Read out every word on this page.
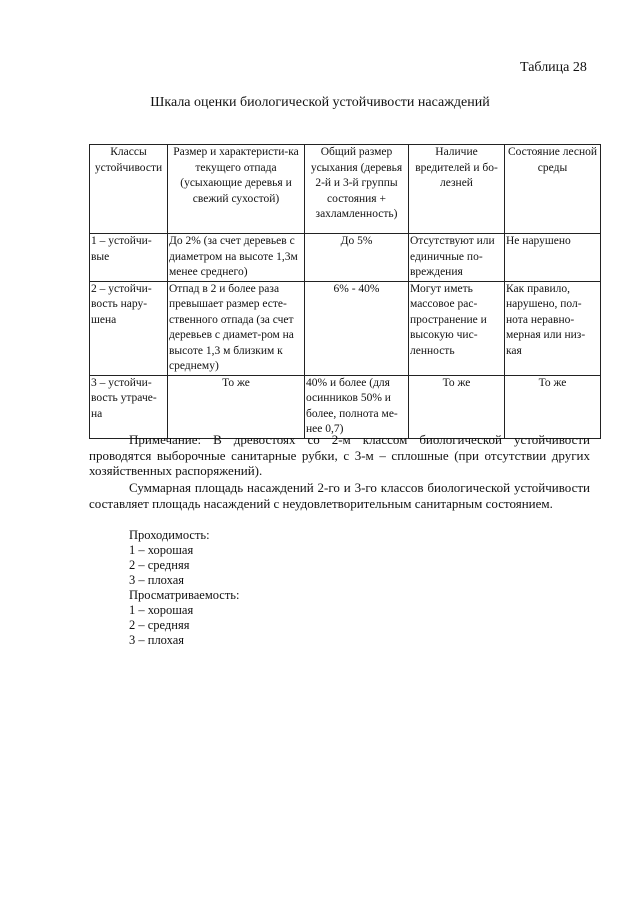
Таблица 28
Шкала оценки биологической устойчивости насаждений
Классы устойчивости	Размер и характеристи-ка текущего отпада (усыхающие деревья и свежий сухостой)	Общий размер усыхания (деревья 2-й и 3-й группы состояния + захламленность)	Наличие вредителей и бо-лезней	Состояние лесной среды
1 – устойчи-вые	До 2% (за счет деревьев с диаметром на высоте 1,3м менее среднего)	До 5%	Отсутствуют или единичные по-вреждения	Не нарушено
2 – устойчи-вость нару-шена	Отпад в 2 и более раза превышает размер есте-ственного отпада (за счет деревьев с диамет-ром на высоте 1,3 м близким к среднему)	6% - 40%	Могут иметь массовое рас-пространение и высокую чис-ленность	Как правило, нарушено, пол-нота неравно-мерная или низ-кая
3 – устойчи-вость утраче-на	То же	40% и более (для осинников 50% и более, полнота ме-нее 0,7)	То же	То же

Примечание: В древостоях со 2-м классом биологической устойчивости проводятся выборочные санитарные рубки, с 3-м – сплошные (при отсутствии других хозяйственных распоряжений).

Суммарная площадь насаждений 2-го и 3-го классов биологической устойчивости составляет площадь насаждений с неудовлетворительным санитарным состоянием.

Проходимость:
1 – хорошая
2 – средняя
3 – плохая
Просматриваемость:
1 – хорошая
2 – средняя
3 – плохая
